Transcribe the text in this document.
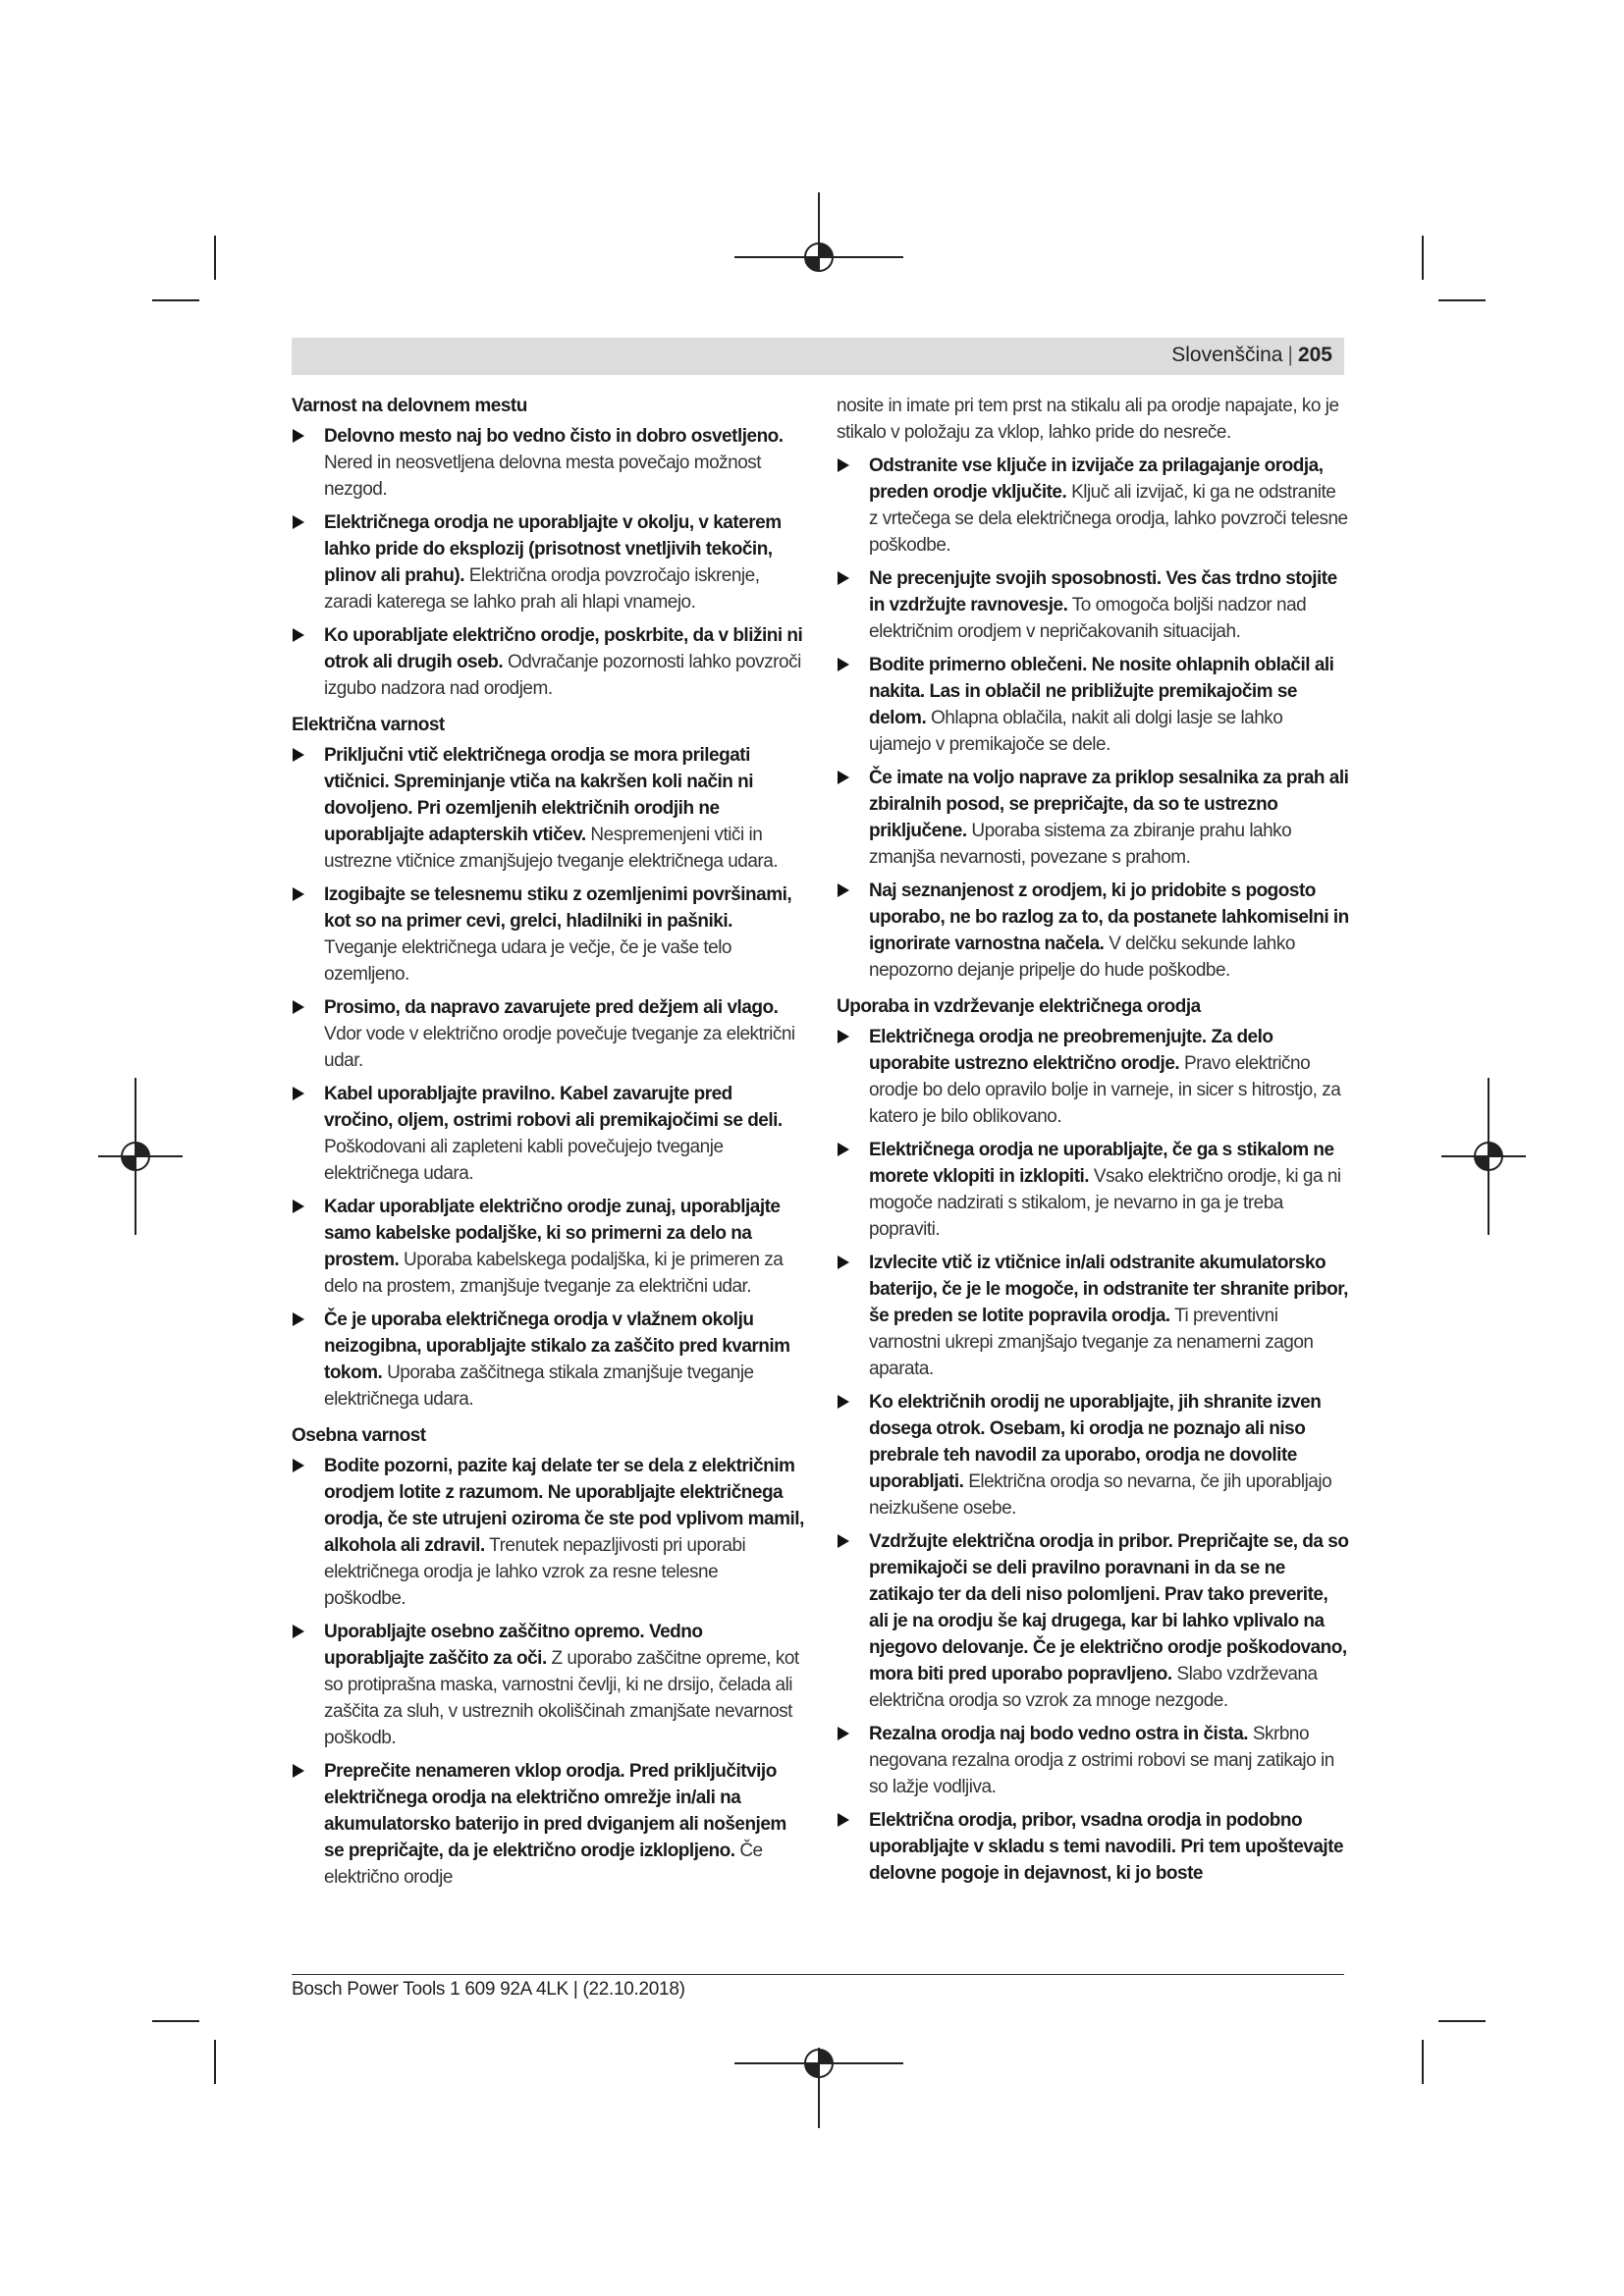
Slovenščina | 205
Varnost na delovnem mestu
Delovno mesto naj bo vedno čisto in dobro osvetljeno. Nered in neosvetljena delovna mesta povečajo možnost nezgod.
Električnega orodja ne uporabljajte v okolju, v katerem lahko pride do eksplozij (prisotnost vnetljivih tekočin, plinov ali prahu). Električna orodja povzročajo iskrenje, zaradi katerega se lahko prah ali hlapi vnamejo.
Ko uporabljate električno orodje, poskrbite, da v bližini ni otrok ali drugih oseb. Odvračanje pozornosti lahko povzroči izgubo nadzora nad orodjem.
Električna varnost
Priključni vtič električnega orodja se mora prilegati vtičnici. Spreminjanje vtiča na kakršen koli način ni dovoljeno. Pri ozemljenih električnih orodjih ne uporabljajte adapterskih vtičev. Nespremenjeni vtiči in ustrezne vtičnice zmanjšujejo tveganje električnega udara.
Izogibajte se telesnemu stiku z ozemljenimi površinami, kot so na primer cevi, grelci, hladilniki in pašniki. Tveganje električnega udara je večje, če je vaše telo ozemljeno.
Prosimo, da napravo zavarujete pred dežjem ali vlago. Vdor vode v električno orodje povečuje tveganje za električni udar.
Kabel uporabljajte pravilno. Kabel zavarujte pred vročino, oljem, ostrimi robovi ali premikajočimi se deli. Poškodovani ali zapleteni kabli povečujejo tveganje električnega udara.
Kadar uporabljate električno orodje zunaj, uporabljajte samo kabelske podaljške, ki so primerni za delo na prostem. Uporaba kabelskega podaljška, ki je primeren za delo na prostem, zmanjšuje tveganje za električni udar.
Če je uporaba električnega orodja v vlažnem okolju neizogibna, uporabljajte stikalo za zaščito pred kvarnim tokom. Uporaba zaščitnega stikala zmanjšuje tveganje električnega udara.
Osebna varnost
Bodite pozorni, pazite kaj delate ter se dela z električnim orodjem lotite z razumom. Ne uporabljajte električnega orodja, če ste utrujeni oziroma če ste pod vplivom mamil, alkohola ali zdravil. Trenutek nepazljivosti pri uporabi električnega orodja je lahko vzrok za resne telesne poškodbe.
Uporabljajte osebno zaščitno opremo. Vedno uporabljajte zaščito za oči. Z uporabo zaščitne opreme, kot so protiprašna maska, varnostni čevlji, ki ne drsijo, čelada ali zaščita za sluh, v ustreznih okoliščinah zmanjšate nevarnost poškodb.
Preprečite nenameren vklop orodja. Pred priključitvijo električnega orodja na električno omrežje in/ali na akumulatorsko baterijo in pred dviganjem ali nošenjem se prepričajte, da je električno orodje izklopljeno. Če električno orodje
nosite in imate pri tem prst na stikalu ali pa orodje napajate, ko je stikalo v položaju za vklop, lahko pride do nesreče.
Odstranite vse ključe in izvijače za prilagajanje orodja, preden orodje vključite. Ključ ali izvijač, ki ga ne odstranite z vrtečega se dela električnega orodja, lahko povzroči telesne poškodbe.
Ne precenjujte svojih sposobnosti. Ves čas trdno stojite in vzdržujte ravnovesje. To omogoča boljši nadzor nad električnim orodjem v nepričakovanih situacijah.
Bodite primerno oblečeni. Ne nosite ohlapnih oblačil ali nakita. Las in oblačil ne približujte premikajočim se delom. Ohlapna oblačila, nakit ali dolgi lasje se lahko ujamejo v premikajoče se dele.
Če imate na voljo naprave za priklop sesalnika za prah ali zbiralnih posod, se prepričajte, da so te ustrezno priključene. Uporaba sistema za zbiranje prahu lahko zmanjša nevarnosti, povezane s prahom.
Naj seznanjenost z orodjem, ki jo pridobite s pogosto uporabo, ne bo razlog za to, da postanete lahkomiselni in ignorirate varnostna načela. V delčku sekunde lahko nepozorno dejanje pripelje do hude poškodbe.
Uporaba in vzdrževanje električnega orodja
Električnega orodja ne preobremenjujte. Za delo uporabite ustrezno električno orodje. Pravo električno orodje bo delo opravilo bolje in varneje, in sicer s hitrostjo, za katero je bilo oblikovano.
Električnega orodja ne uporabljajte, če ga s stikalom ne morete vklopiti in izklopiti. Vsako električno orodje, ki ga ni mogoče nadzirati s stikalom, je nevarno in ga je treba popraviti.
Izvlecite vtič iz vtičnice in/ali odstranite akumulatorsko baterijo, če je le mogoče, in odstranite ter shranite pribor, še preden se lotite popravila orodja. Ti preventivni varnostni ukrepi zmanjšajo tveganje za nenamerni zagon aparata.
Ko električnih orodij ne uporabljajte, jih shranite izven dosega otrok. Osebam, ki orodja ne poznajo ali niso prebrale teh navodil za uporabo, orodja ne dovolite uporabljati. Električna orodja so nevarna, če jih uporabljajo neizkušene osebe.
Vzdržujte električna orodja in pribor. Prepričajte se, da so premikajoči se deli pravilno poravnani in da se ne zatikajo ter da deli niso polomljeni. Prav tako preverite, ali je na orodju še kaj drugega, kar bi lahko vplivalo na njegovo delovanje. Če je električno orodje poškodovano, mora biti pred uporabo popravljeno. Slabo vzdrževana električna orodja so vzrok za mnoge nezgode.
Rezalna orodja naj bodo vedno ostra in čista. Skrbno negovana rezalna orodja z ostrimi robovi se manj zatikajo in so lažje vodljiva.
Električna orodja, pribor, vsadna orodja in podobno uporabljajte v skladu s temi navodili. Pri tem upoštevajte delovne pogoje in dejavnost, ki jo boste
Bosch Power Tools 1 609 92A 4LK | (22.10.2018)
